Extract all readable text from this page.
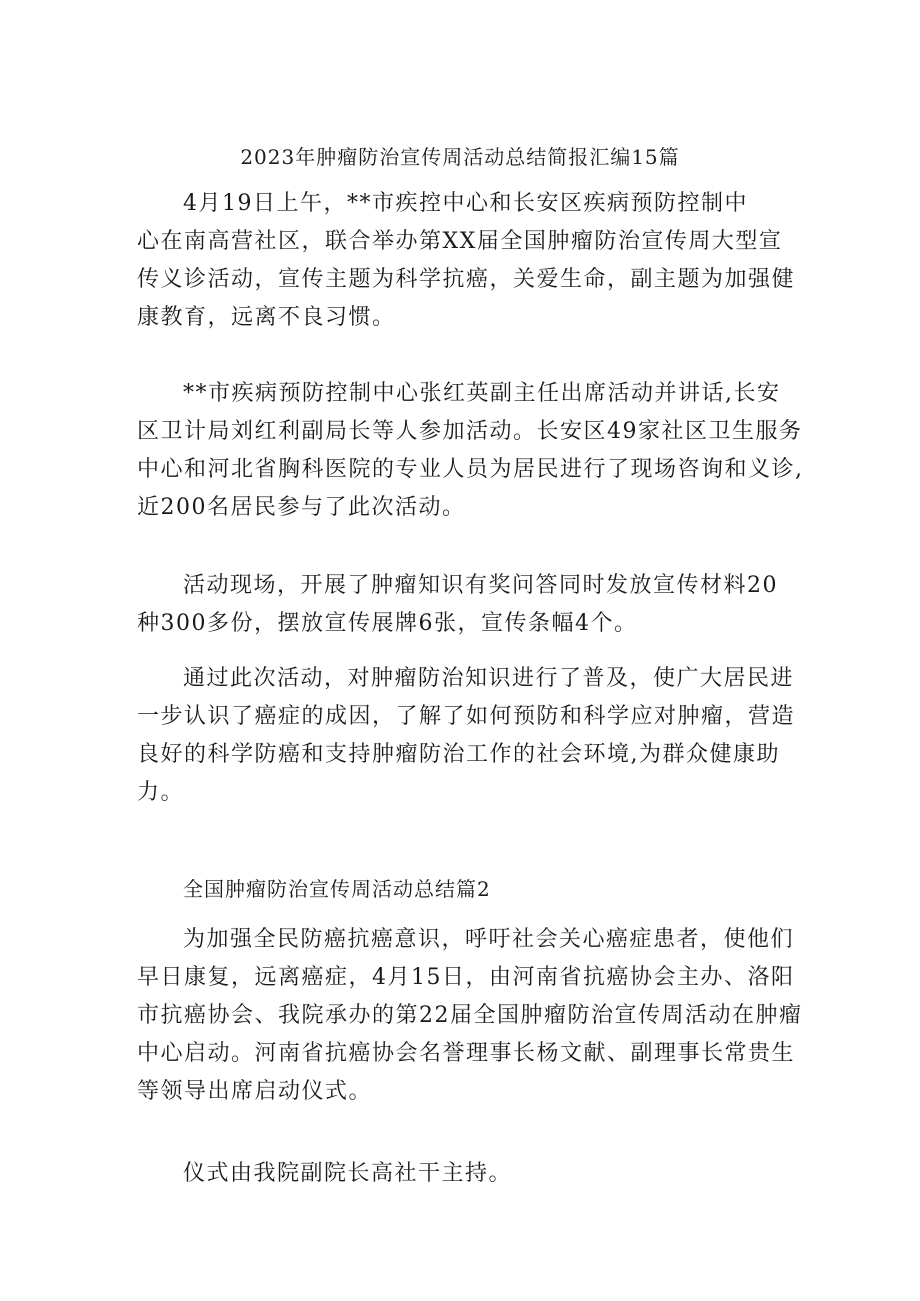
2023年肿瘤防治宣传周活动总结简报汇编15篇
4月19日上午，**市疾控中心和长安区疾病预防控制中
心在南高营社区，联合举办第XX届全国肿瘤防治宣传周大型宣
传义诊活动，宣传主题为科学抗癌，关爱生命，副主题为加强健
康教育，远离不良习惯。
**市疾病预防控制中心张红英副主任出席活动并讲话,长安
区卫计局刘红利副局长等人参加活动。长安区49家社区卫生服务
中心和河北省胸科医院的专业人员为居民进行了现场咨询和义诊,
近200名居民参与了此次活动。
活动现场，开展了肿瘤知识有奖问答同时发放宣传材料20
种300多份，摆放宣传展牌6张，宣传条幅4个。
通过此次活动，对肿瘤防治知识进行了普及，使广大居民进
一步认识了癌症的成因，了解了如何预防和科学应对肿瘤，营造
良好的科学防癌和支持肿瘤防治工作的社会环境,为群众健康助
力。
全国肿瘤防治宣传周活动总结篇2
为加强全民防癌抗癌意识，呼吁社会关心癌症患者，使他们
早日康复，远离癌症，4月15日，由河南省抗癌协会主办、洛阳
市抗癌协会、我院承办的第22届全国肿瘤防治宣传周活动在肿瘤
中心启动。河南省抗癌协会名誉理事长杨文献、副理事长常贵生
等领导出席启动仪式。
仪式由我院副院长高社干主持。
